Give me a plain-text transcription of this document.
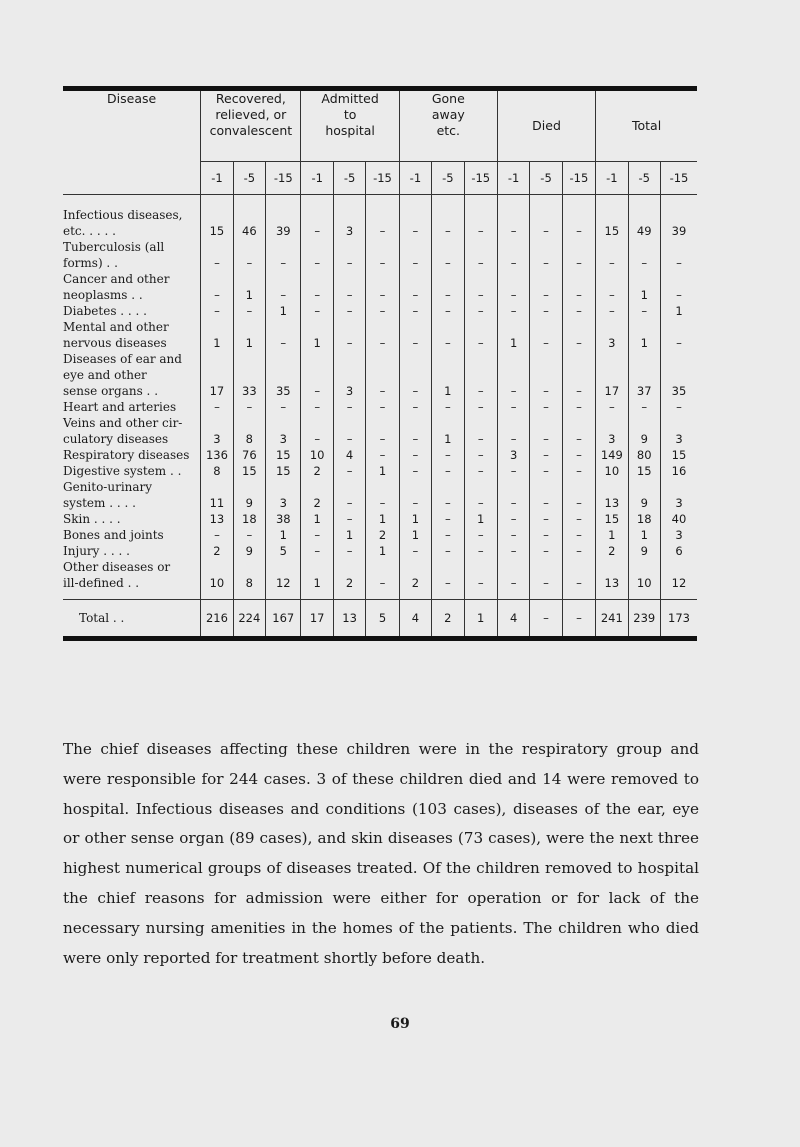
Disease	Recovered,
relieved, or
convalescent			Admitted
to
hospital			Gone
away
etc.			Died			Total		
	-1	-5	-15	-1	-5	-15	-1	-5	-15	-1	-5	-15	-1	-5	-15
Infectious diseases,
etc. . . . .	15	46	39	–	3	–	–	–	–	–	–	–	15	49	39
Tuberculosis (all
forms) . .	–	–	–	–	–	–	–	–	–	–	–	–	–	–	–
Cancer and other
neoplasms . .	–	1	–	–	–	–	–	–	–	–	–	–	–	1	–
Diabetes . . . .	–	–	1	–	–	–	–	–	–	–	–	–	–	–	1
Mental and other
nervous diseases	1	1	–	1	–	–	–	–	–	1	–	–	3	1	–
Diseases of ear and
eye and other
sense organs . .	17	33	35	–	3	–	–	1	–	–	–	–	17	37	35
Heart and arteries	–	–	–	–	–	–	–	–	–	–	–	–	–	–	–
Veins and other cir-
culatory diseases	3	8	3	–	–	–	–	1	–	–	–	–	3	9	3
Respiratory diseases	136	76	15	10	4	–	–	–	–	3	–	–	149	80	15
Digestive system . .	8	15	15	2	–	1	–	–	–	–	–	–	10	15	16
Genito-urinary
system . . . .	11	9	3	2	–	–	–	–	–	–	–	–	13	9	3
Skin . . . .	13	18	38	1	–	1	1	–	1	–	–	–	15	18	40
Bones and joints	–	–	1	–	1	2	1	–	–	–	–	–	1	1	3
Injury . . . .	2	9	5	–	–	1	–	–	–	–	–	–	2	9	6
Other diseases or
ill-defined . .	10	8	12	1	2	–	2	–	–	–	–	–	13	10	12
Total . .	216	224	167	17	13	5	4	2	1	4	–	–	241	239	173

The chief diseases affecting these children were in the respiratory group and were responsible for 244 cases. 3 of these children died and 14 were removed to hospital. Infectious diseases and conditions (103 cases), diseases of the ear, eye or other sense organ (89 cases), and skin diseases (73 cases), were the next three highest numerical groups of diseases treated. Of the children removed to hospital the chief reasons for admission were either for operation or for lack of the necessary nursing amenities in the homes of the patients. The children who died were only reported for treatment shortly before death.

69
